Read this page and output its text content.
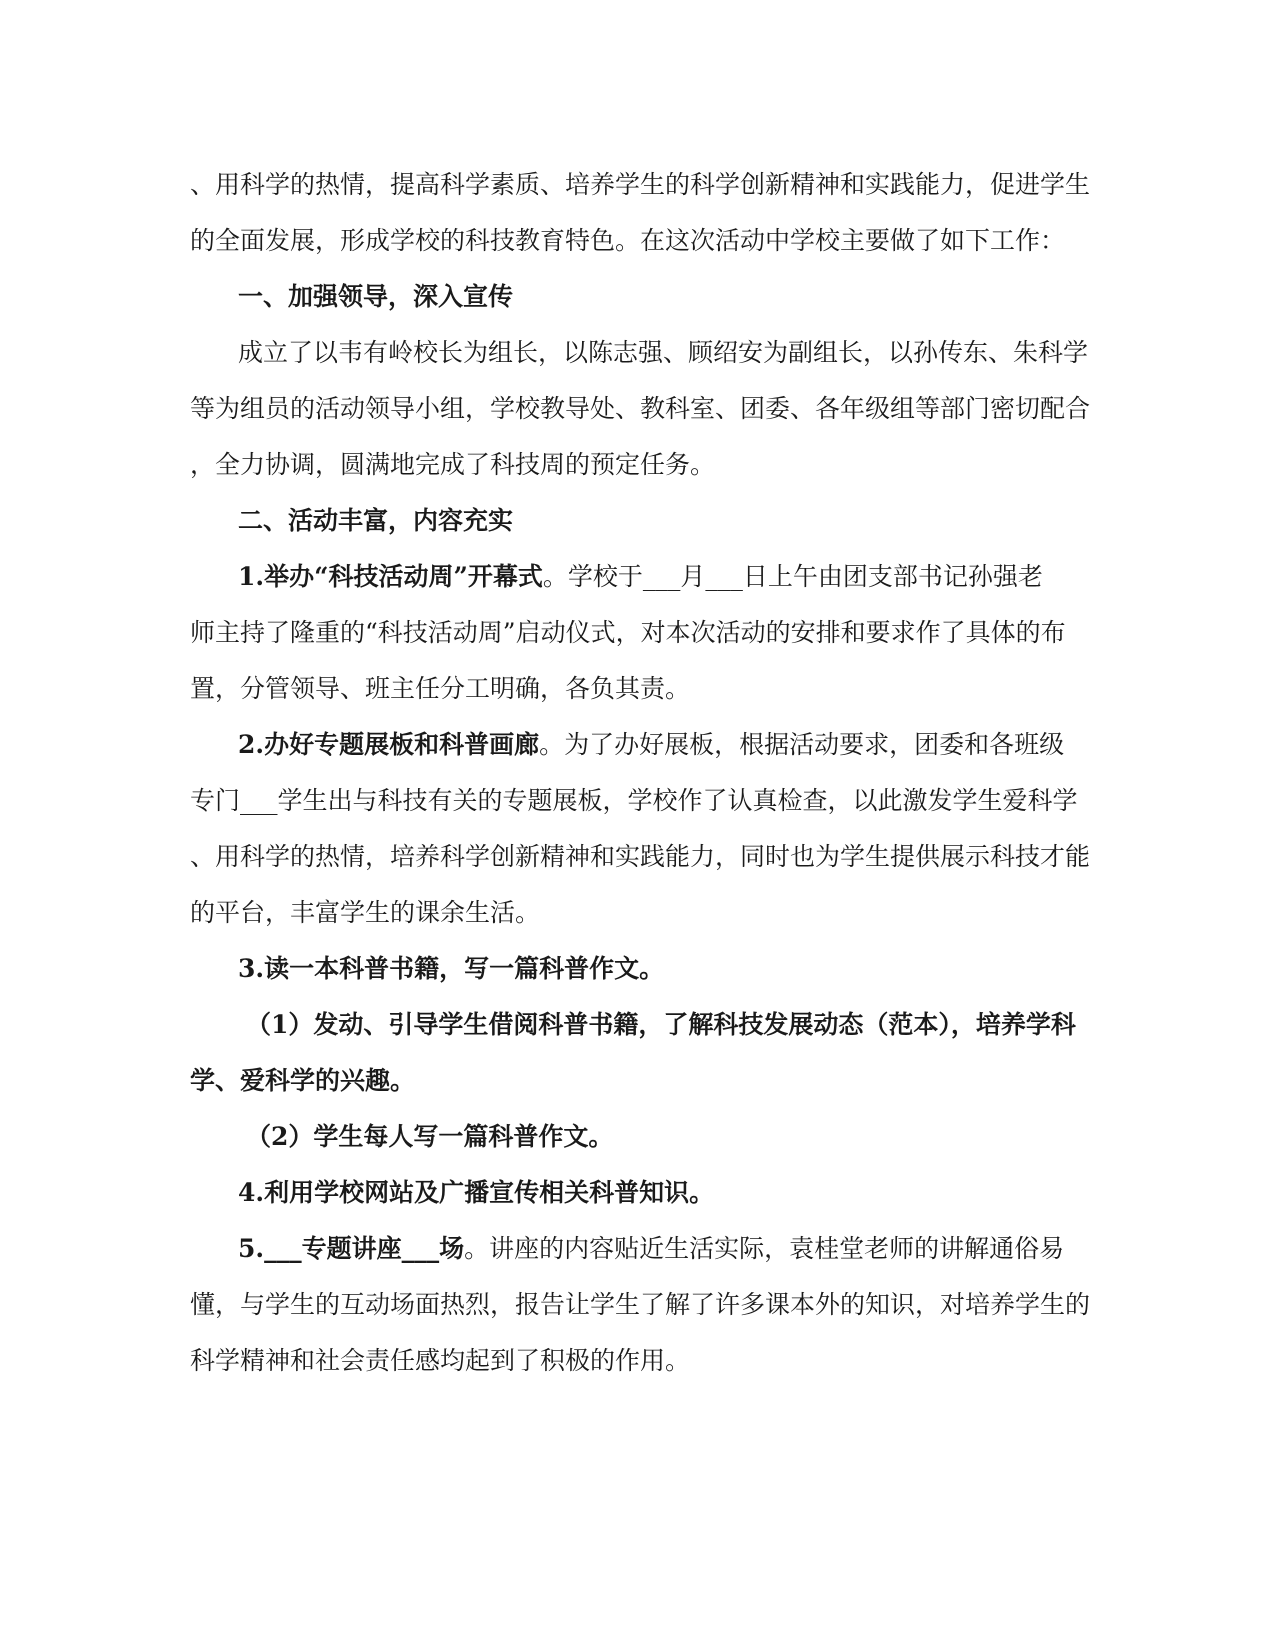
、用科学的热情，提高科学素质、培养学生的科学创新精神和实践能力，促进学生
的全面发展，形成学校的科技教育特色。在这次活动中学校主要做了如下工作：
一、加强领导，深入宣传
成立了以韦有岭校长为组长，以陈志强、顾绍安为副组长，以孙传东、朱科学
等为组员的活动领导小组，学校教导处、教科室、团委、各年级组等部门密切配合
，全力协调，圆满地完成了科技周的预定任务。
二、活动丰富，内容充实
1.举办“科技活动周”开幕式。学校于___月___日上午由团支部书记孙强老
师主持了隆重的“科技活动周”启动仪式，对本次活动的安排和要求作了具体的布
置，分管领导、班主任分工明确，各负其责。
2.办好专题展板和科普画廊。为了办好展板，根据活动要求，团委和各班级
专门___学生出与科技有关的专题展板，学校作了认真检查，以此激发学生爱科学
、用科学的热情，培养科学创新精神和实践能力，同时也为学生提供展示科技才能
的平台，丰富学生的课余生活。
3.读一本科普书籍，写一篇科普作文。
（1）发动、引导学生借阅科普书籍，了解科技发展动态（范本），培养学科
学、爱科学的兴趣。
（2）学生每人写一篇科普作文。
4.利用学校网站及广播宣传相关科普知识。
5.___专题讲座___场。讲座的内容贴近生活实际，袁桂堂老师的讲解通俗易
懂，与学生的互动场面热烈，报告让学生了解了许多课本外的知识，对培养学生的
科学精神和社会责任感均起到了积极的作用。
